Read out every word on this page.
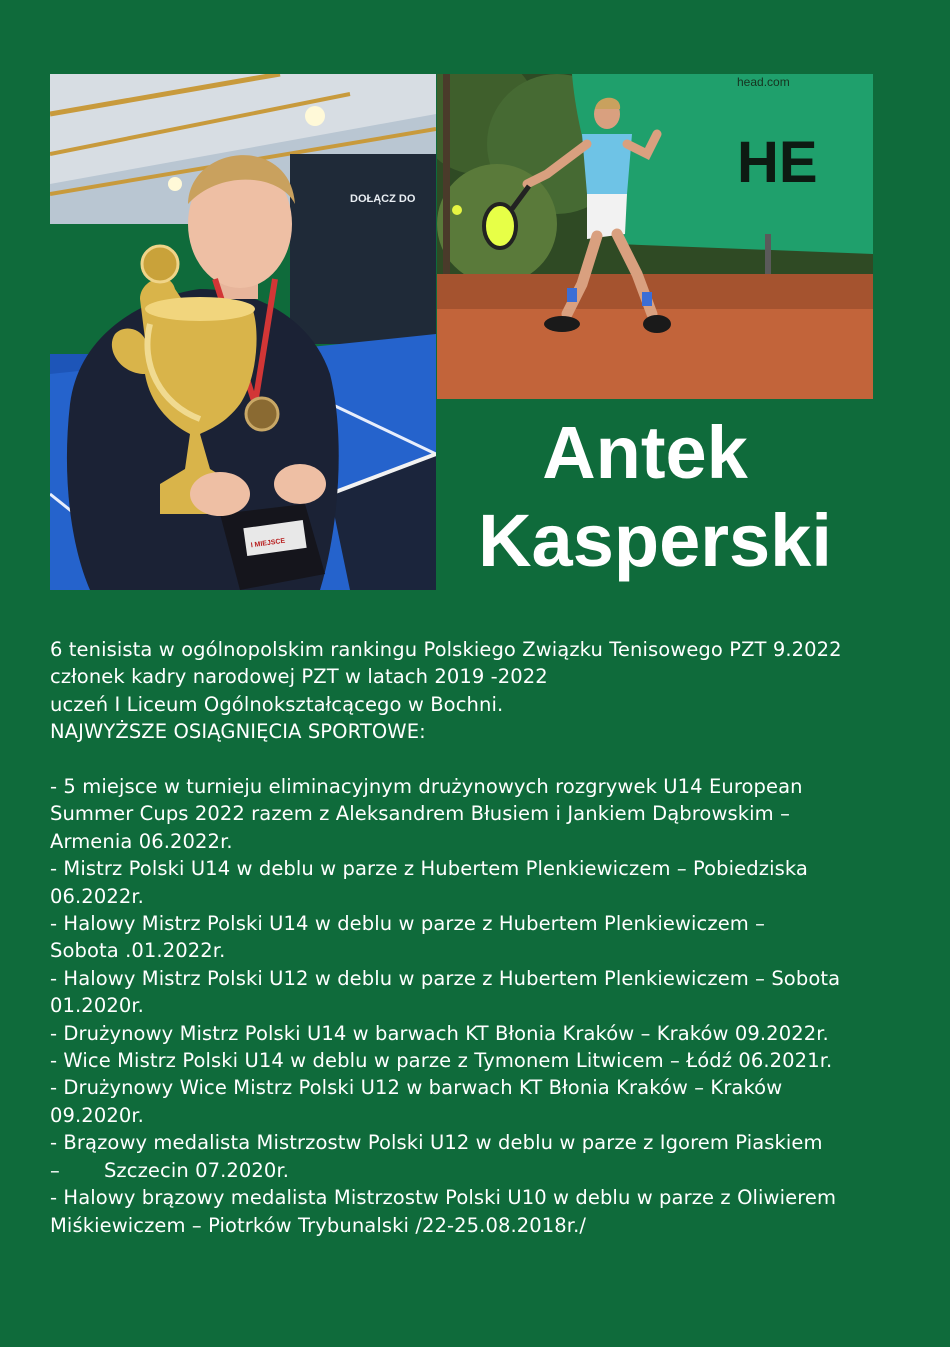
DOŁĄCZ DO
I MIEJSCE
head.com
HE
Antek
Kasperski

6 tenisista w ogólnopolskim rankingu Polskiego Związku Tenisowego PZT 9.2022

członek kadry narodowej PZT w latach 2019 -2022

uczeń I Liceum Ogólnokształcącego w Bochni.

NAJWYŻSZE OSIĄGNIĘCIA SPORTOWE:

- 5 miejsce w turnieju eliminacyjnym drużynowych rozgrywek U14 European

Summer Cups 2022 razem z Aleksandrem Błusiem i Jankiem Dąbrowskim –

Armenia 06.2022r.

- Mistrz Polski U14 w deblu w parze z Hubertem Plenkiewiczem – Pobiedziska

06.2022r.

- Halowy Mistrz Polski U14 w deblu w parze z Hubertem Plenkiewiczem –

Sobota .01.2022r.

- Halowy Mistrz Polski U12 w deblu w parze z Hubertem Plenkiewiczem – Sobota

01.2020r.

- Drużynowy Mistrz Polski U14 w barwach KT Błonia Kraków – Kraków 09.2022r.

- Wice Mistrz Polski U14 w deblu w parze z Tymonem Litwicem – Łódź 06.2021r.

- Drużynowy Wice Mistrz Polski U12 w barwach KT Błonia Kraków – Kraków

09.2020r.

- Brązowy medalista Mistrzostw Polski U12 w deblu w parze z Igorem Piaskiem

–       Szczecin 07.2020r.

- Halowy brązowy medalista Mistrzostw Polski U10 w deblu w parze z Oliwierem

Miśkiewiczem – Piotrków Trybunalski /22-25.08.2018r./
